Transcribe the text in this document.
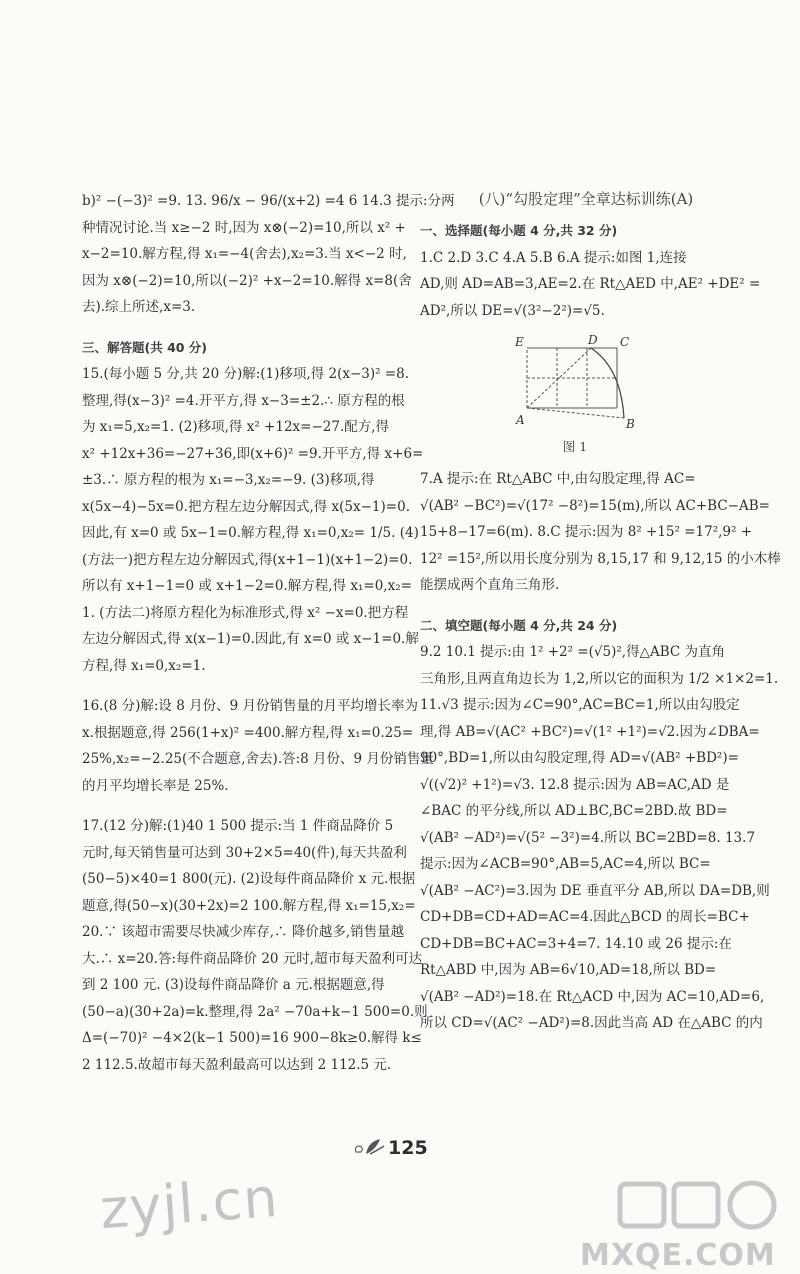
b)² −(−3)² =9. 13. 96/x − 96/(x+2) =4 6 14.3 提示:分两
种情况讨论.当 x≥−2 时,因为 x⊗(−2)=10,所以 x² +
x−2=10.解方程,得 x₁=−4(舍去),x₂=3.当 x<−2 时,
因为 x⊗(−2)=10,所以(−2)² +x−2=10.解得 x=8(舍
去).综上所述,x=3.
三、解答题(共 40 分)
15.(每小题 5 分,共 20 分)解:(1)移项,得 2(x−3)² =8.
整理,得(x−3)² =4.开平方,得 x−3=±2.∴ 原方程的根
为 x₁=5,x₂=1. (2)移项,得 x² +12x=−27.配方,得
x² +12x+36=−27+36,即(x+6)² =9.开平方,得 x+6=
±3.∴ 原方程的根为 x₁=−3,x₂=−9. (3)移项,得
x(5x−4)−5x=0.把方程左边分解因式,得 x(5x−1)=0.
因此,有 x=0 或 5x−1=0.解方程,得 x₁=0,x₂= 1/5. (4)
(方法一)把方程左边分解因式,得(x+1−1)(x+1−2)=0.
所以有 x+1−1=0 或 x+1−2=0.解方程,得 x₁=0,x₂=
1. (方法二)将原方程化为标准形式,得 x² −x=0.把方程
左边分解因式,得 x(x−1)=0.因此,有 x=0 或 x−1=0.解
方程,得 x₁=0,x₂=1.
16.(8 分)解:设 8 月份、9 月份销售量的月平均增长率为
x.根据题意,得 256(1+x)² =400.解方程,得 x₁=0.25=
25%,x₂=−2.25(不合题意,舍去).答:8 月份、9 月份销售量
的月平均增长率是 25%.
17.(12 分)解:(1)40 1 500 提示:当 1 件商品降价 5
元时,每天销售量可达到 30+2×5=40(件),每天共盈利
(50−5)×40=1 800(元). (2)设每件商品降价 x 元.根据
题意,得(50−x)(30+2x)=2 100.解方程,得 x₁=15,x₂=
20.∵ 该超市需要尽快减少库存,∴ 降价越多,销售量越
大.∴ x=20.答:每件商品降价 20 元时,超市每天盈利可达
到 2 100 元. (3)设每件商品降价 a 元.根据题意,得
(50−a)(30+2a)=k.整理,得 2a² −70a+k−1 500=0.则
Δ=(−70)² −4×2(k−1 500)=16 900−8k≥0.解得 k≤
2 112.5.故超市每天盈利最高可以达到 2 112.5 元.
(八)“勾股定理”全章达标训练(A)
一、选择题(每小题 4 分,共 32 分)
1.C 2.D 3.C 4.A 5.B 6.A 提示:如图 1,连接
AD,则 AD=AB=3,AE=2.在 Rt△AED 中,AE² +DE² =
AD²,所以 DE=√(3²−2²)=√5.
E	D C
A	B
图 1
7.A 提示:在 Rt△ABC 中,由勾股定理,得 AC=
√(AB² −BC²)=√(17² −8²)=15(m),所以 AC+BC−AB=
15+8−17=6(m). 8.C 提示:因为 8² +15² =17²,9² +
12² =15²,所以用长度分别为 8,15,17 和 9,12,15 的小木棒
能摆成两个直角三角形.
二、填空题(每小题 4 分,共 24 分)
9.2 10.1 提示:由 1² +2² =(√5)²,得△ABC 为直角
三角形,且两直角边长为 1,2,所以它的面积为 1/2 ×1×2=1.
11.√3 提示:因为∠C=90°,AC=BC=1,所以由勾股定
理,得 AB=√(AC² +BC²)=√(1² +1²)=√2.因为∠DBA=
90°,BD=1,所以由勾股定理,得 AD=√(AB² +BD²)=
√((√2)² +1²)=√3. 12.8 提示:因为 AB=AC,AD 是
∠BAC 的平分线,所以 AD⊥BC,BC=2BD.故 BD=
√(AB² −AD²)=√(5² −3²)=4.所以 BC=2BD=8. 13.7
提示:因为∠ACB=90°,AB=5,AC=4,所以 BC=
√(AB² −AC²)=3.因为 DE 垂直平分 AB,所以 DA=DB,则
CD+DB=CD+AD=AC=4.因此△BCD 的周长=BC+
CD+DB=BC+AC=3+4=7. 14.10 或 26 提示:在
Rt△ABD 中,因为 AB=6√10,AD=18,所以 BD=
√(AB² −AD²)=18.在 Rt△ACD 中,因为 AC=10,AD=6,
所以 CD=√(AC² −AD²)=8.因此当高 AD 在△ABC 的内
125
zyjl.cn
MXQE.COM
